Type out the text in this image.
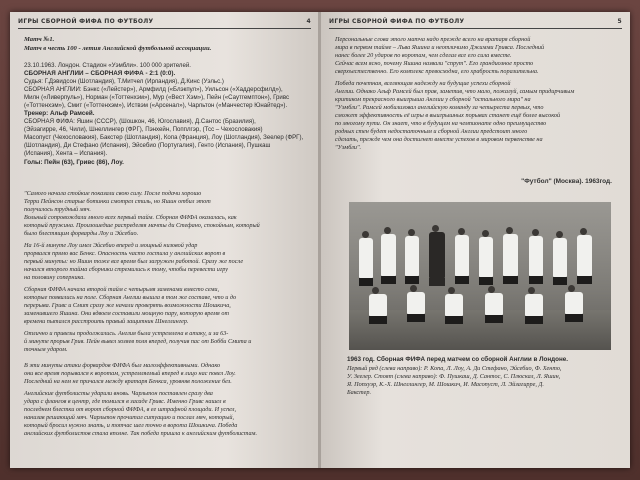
ИГРЫ СБОРНОЙ ФИФА ПО ФУТБОЛУ	4
Матч №1.
Матч в честь 100 - летия Английской футбольной ассоциации.
23.10.1963. Лондон. Стадион «Уэмбли». 100 000 зрителей.
СБОРНАЯ АНГЛИИ – СБОРНАЯ ФИФА - 2:1 (0:0).
Судья: Г.Дэвидсон (Шотландия), Т.Митчел (Ирландия), Д.Кинс (Уэльс.)
СБОРНАЯ АНГЛИИ: Бэнкс («Лейстер»), Армфилд («Блэкпул»), Уильсон («Хаддерсфилд»),
Милн («Ливерпуль»), Норман («Тоттенхэм»), Мур («Вест Хэм»), Пейн («Саутгемптон»), Гривс
(«Тоттенхэм»), Смит («Тоттенхэм»), Иствэм («Арсенал»), Чарльтон («Манчестер Юнайтед»).
Тренер: Альф Рамсей.
СБОРНАЯ ФИФА: Яшин (СССР), (Шошкон, 46, Югославия), Д.Сантос (Бразилия),
(Эйзагирре, 46, Чили), Шнеллингер (ФРГ), Пэнхейн, Попплгэр, (Тсс – Чехословакия)
Масопуст (Чехословакия), Бакстер (Шотландия), Копа (Франция), Лоу (Шотландия), Зеелер (ФРГ),
(Шотландия), Ди Стефано (Испания), Эйсебио (Португалия), Генто (Испания), Пушкаш
(Испания), Хента – Испания).
Голы: Пейн (63), Гривс (86), Лоу.
"Самого начала стойкие показали свою силу. После подачи хорошо
Терри Пейнсон старые ботинки смотрел стиль, но Яшин отбил этот
получилось трудный мяч.
Вольный сопровождали много всех первый тайм. Сборная ФИФА оказалась, как
который пружина. Произошедше распределяя мачты ди Стефано, спокойным, который
было блестящим форварды Лоу и Эйсебио.
На 16-й минуте Лоу имел Эйсебио вперед и мощный низовой удар
прорвался прямо вас Бенкс. Опасность часто гостила у английских ворот в
первый минуты: но Яшин тоже все время был загружен работой. Сразу же после
начался второго тайма сборники стремились к тому, чтобы перевести игру
на половину соперника.
Сборная ФИФА начала второй тайм с четырьмя заменами вместо семи,
которые появились на поле. Сборная Англии вышла в том же составе, что и до
перерыва. Гривс и Смит сразу же начали проверять возможности Шошкича,
заменившего Яшина. Они вдвоем составили мощную пару, которую время от
времени пытался расстроить правый защитник Шнеллингер.
Отлично и привезы продолжались. Англия была устремлена в атаку, и за 63-
й минуте прорыв Грив. Пейн вывел хозяев поля вперед, получив пас от Бобби Смита и
точным ударом.
В эти минуты атаки форвардов ФИФА был малоэффективными. Однако
они все время порывался к воротам, устремляемый вперед в лицо нас повел Лоу.
Последний на нем не причался между вратаря Бенкса, уровняв положение без.
Английские футболисты ударили вновь. Чарльтон поставлен сразу два
удара с флангов в центр, где томился в засаде Гривс. Именно Гривс нашел в
последнем блестки от ворот сборной ФИФА, в ее штрафной площади. И успел,
нанизав решающий мяч. Чарльтон прочитал ситуацию и послал мяч, который,
который бросил нужно знать, и тотчас шел точно в ворота Шошкича. Победа
английских футболистов стала вполне. Так победа пришла к английским футболистам.
ИГРЫ СБОРНОЙ ФИФА ПО ФУТБОЛУ	5
Персональные слова этого матча надо прежде всего на вратаря сборной
мира в первом тайме – Льва Яшина и неотличимо Джимми Гривса. Последний
нанес более 20 ударов по воротам, чем сделал все его сила вместе.
Сейчас всем ясно, почему Яшина назвали "спрут". Его грандиозное просто
сверхъестественно. Его комплекс превосходна, его храбрость поразительна.
Победа почетная, вселяющая надежду на будущие успехи сборной
Англии. Однако Альф Рамсей был прав, заметив, что мало, пожалуй, самым придирчивым
критиком прекрасного выигрыша Англии у сборной "остального мира" на
"Уэмбли". Рамсей мобилизовал английскую команду за четыреста первых, что
сможет эффективность её игры в выигрышных порывах станет ещё более высокой
по многому пути. Он знает, что в будущем на чемпионате одно преимущество
родных стен будет недостаточным и сборной Англии предстоит много
сделать, прежде чем она достигнет вместе успехов в мировом первенстве на
"Уэмбли".
"Футбол" (Москва). 1963год.
1963 год. Сборная ФИФА перед матчем со сборной Англии в Лондоне.
Первый ряд (слева направо): Р. Копа, Л. Лоу, А. Ди Стефано, Эйсебио, Ф. Хенто,
У. Зеелер. Стоят (слева направо): Ф. Пушкаш, Д. Сантос, С. Плюскал, Л. Яшин,
Я. Попхуэр, К.-Х. Шнеллингер, М. Шошкич, И. Масопуст, Л. Эйзагирре, Д.
Бакстер.
